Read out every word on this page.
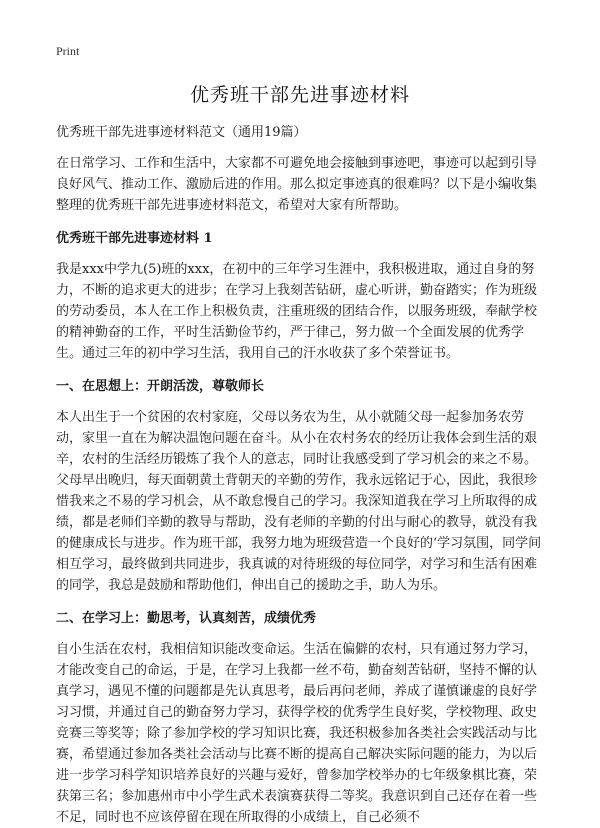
Print
优秀班干部先进事迹材料

优秀班干部先进事迹材料范文（通用19篇）

在日常学习、工作和生活中，大家都不可避免地会接触到事迹吧，事迹可以起到引导良好风气、推动工作、激励后进的作用。那么拟定事迹真的很难吗？以下是小编收集整理的优秀班干部先进事迹材料范文，希望对大家有所帮助。

优秀班干部先进事迹材料 1

我是xxx中学九(5)班的xxx，在初中的三年学习生涯中，我积极进取，通过自身的努力，不断的追求更大的进步；在学习上我刻苦钻研，虚心听讲，勤奋踏实；作为班级的劳动委员，本人在工作上积极负责，注重班级的团结合作，以服务班级，奉献学校的精神勤奋的工作，平时生活勤俭节约，严于律己，努力做一个全面发展的优秀学生。通过三年的初中学习生活，我用自己的汗水收获了多个荣誉证书。

一、在思想上：开朗活泼，尊敬师长

本人出生于一个贫困的农村家庭，父母以务农为生，从小就随父母一起参加务农劳动，家里一直在为解决温饱问题在奋斗。从小在农村务农的经历让我体会到生活的艰辛，农村的生活经历锻炼了我个人的意志，同时让我感受到了学习机会的来之不易。父母早出晚归，每天面朝黄土背朝天的辛勤的劳作，我永远铭记于心，因此，我很珍惜我来之不易的学习机会，从不敢怠慢自己的学习。我深知道我在学习上所取得的成绩，都是老师们辛勤的教导与帮助，没有老师的辛勤的付出与耐心的教导，就没有我的健康成长与进步。作为班干部，我努力地为班级营造一个良好的‘学习氛围，同学间相互学习，最终做到共同进步，我真诚的对待班级的每位同学，对学习和生活有困难的同学，我总是鼓励和帮助他们，伸出自己的援助之手，助人为乐。

二、在学习上：勤思考，认真刻苦，成绩优秀

自小生活在农村，我相信知识能改变命运。生活在偏僻的农村，只有通过努力学习，才能改变自己的命运，于是，在学习上我都一丝不苟，勤奋刻苦钻研，坚持不懈的认真学习，遇见不懂的问题都是先认真思考，最后再问老师，养成了谨慎谦虚的良好学习习惯，并通过自己的勤奋努力学习，获得学校的优秀学生良好奖，学校物理、政史竞赛三等奖等；除了参加学校的学习知识比赛，我还积极参加各类社会实践活动与比赛，希望通过参加各类社会活动与比赛不断的提高自己解决实际问题的能力，为以后进一步学习科学知识培养良好的兴趣与爱好，曾参加学校举办的七年级象棋比赛，荣获第三名；参加惠州市中小学生武术表演赛获得二等奖。我意识到自己还存在着一些不足，同时也不应该停留在现在所取得的小成绩上，自己必须不
